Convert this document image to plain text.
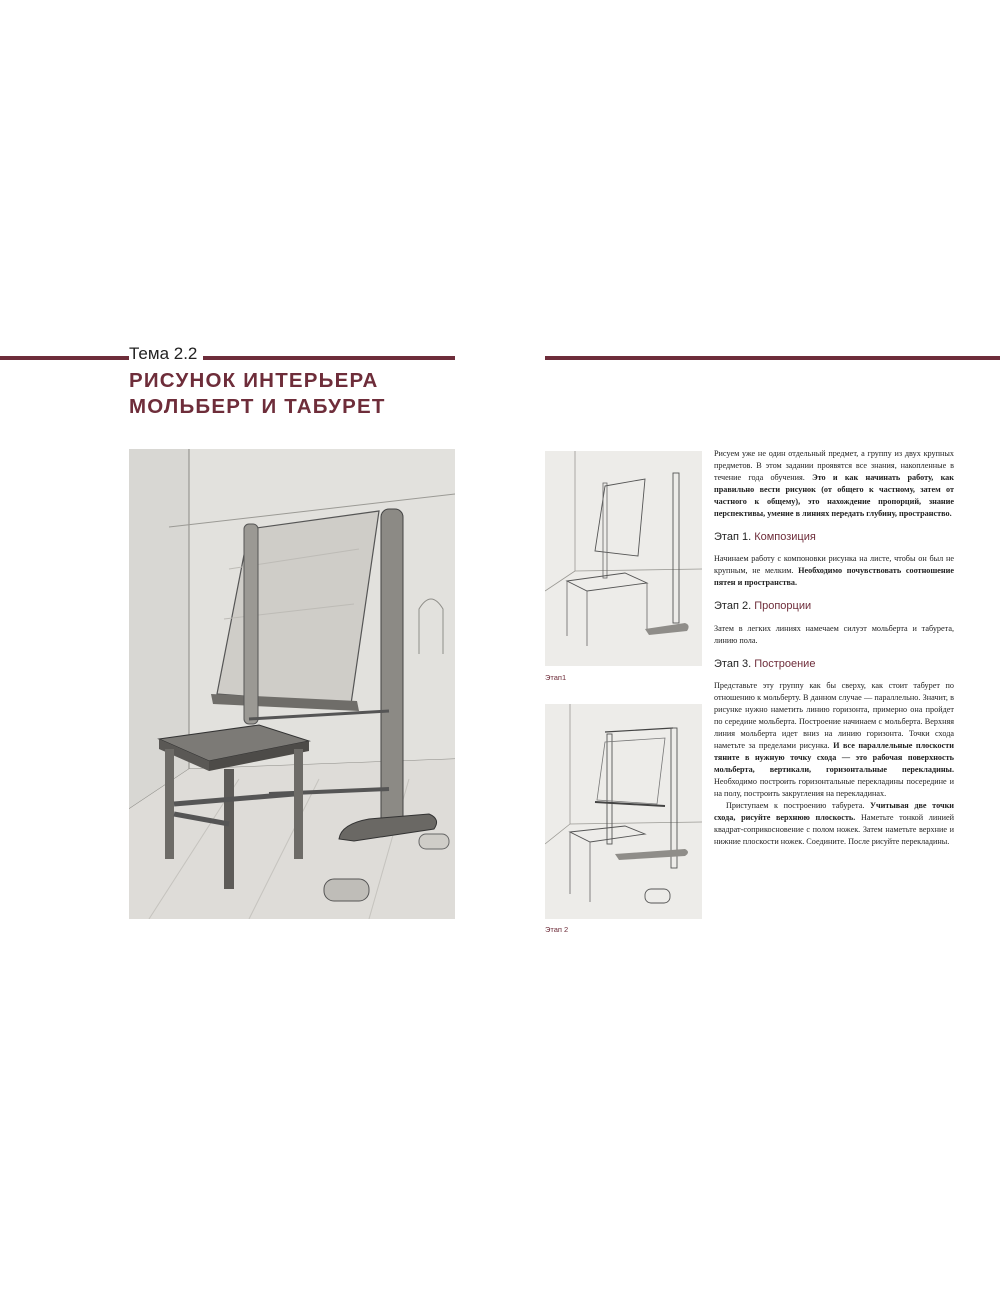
Тема 2.2
РИСУНОК ИНТЕРЬЕРА
МОЛЬБЕРТ И ТАБУРЕТ
Этап1
Этап 2

Рисуем уже не один отдельный предмет, а группу из двух крупных предметов. В этом задании проявятся все знания, накопленные в течение года обучения. Это и как начинать работу, как правильно вести рисунок (от общего к частному, затем от частного к общему), это нахождение пропорций, знание перспективы, умение в линиях передать глубину, пространство.

Этап 1. Композиция

Начинаем работу с компоновки рисунка на листе, чтобы он был не крупным, не мелким. Необходимо почувствовать соотношение пятен и пространства.

Этап 2. Пропорции

Затем в легких линиях намечаем силуэт мольберта и табурета, линию пола.

Этап 3. Построение

Представьте эту группу как бы сверху, как стоит табурет по отношению к мольберту. В данном случае — параллельно. Значит, в рисунке нужно наметить линию горизонта, примерно она пройдет по середине мольберта. Построение начинаем с мольберта. Верхняя линия мольберта идет вниз на линию горизонта. Точки схода наметьте за пределами рисунка. И все параллельные плоскости тяните в нужную точку схода — это рабочая поверхность мольберта, вертикали, горизонтальные перекладины. Необходимо построить горизонтальные перекладины посередине и на полу, построить закругления на перекладинах.

Приступаем к построению табурета. Учитывая две точки схода, рисуйте верхнюю плоскость. Наметьте тонкой линией квадрат-соприкосновение с полом ножек. Затем наметьте верхние и нижние плоскости ножек. Соедините. После рисуйте перекладины.
